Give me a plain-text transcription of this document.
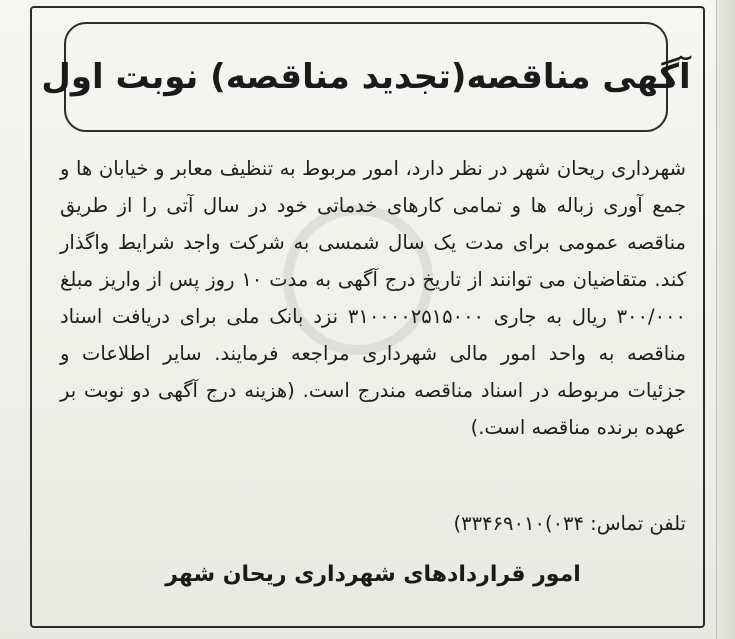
آگهی مناقصه(تجدید مناقصه) نوبت اول

شهرداری ریحان شهر در نظر دارد، امور مربوط به تنظیف معابر و خیابان ها و جمع آوری زباله ها و تمامی کارهای خدماتی خود در سال آتی را از طریق مناقصه عمومی برای مدت یک سال شمسی به شرکت واجد شرایط واگذار کند. متقاضیان می توانند از تاریخ درج آگهی به مدت ۱۰ روز پس از واریز مبلغ ۳۰۰/۰۰۰ ریال به جاری ۳۱۰۰۰۰۲۵۱۵۰۰۰ نزد بانک ملی برای دریافت اسناد مناقصه به واحد امور مالی شهرداری مراجعه فرمایند. سایر اطلاعات و جزئیات مربوطه در اسناد مناقصه مندرج است. (هزینه درج آگهی دو نوبت بر عهده برنده مناقصه است.)

تلفن تماس: ۰۳۴)۳۳۴۶۹۰۱۰)
امور قراردادهای شهرداری ریحان شهر
